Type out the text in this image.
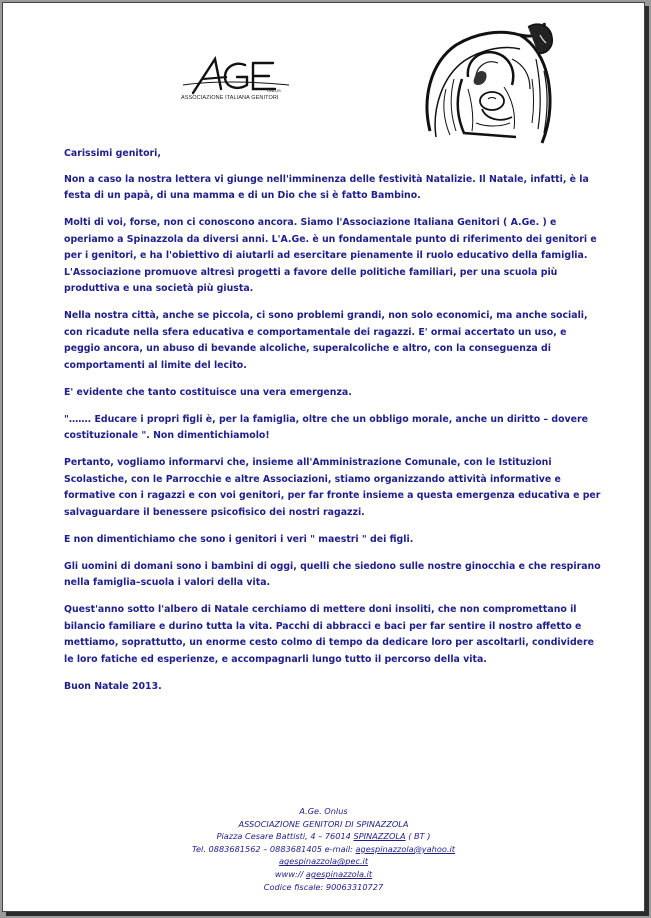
ONLUS
ASSOCIAZIONE ITALIANA GENITORI

Carissimi genitori,

Non a caso la nostra lettera vi giunge nell'imminenza delle festività Natalizie. Il Natale, infatti, è la festa di un papà, di una mamma e di un Dio che si è fatto Bambino.

Molti di voi, forse, non ci conoscono ancora. Siamo l'Associazione Italiana Genitori ( A.Ge. ) e operiamo a Spinazzola da diversi anni. L'A.Ge. è un fondamentale punto di riferimento dei genitori e per i genitori, e ha l'obiettivo di aiutarli ad esercitare pienamente il ruolo educativo della famiglia. L'Associazione promuove altresì progetti a favore delle politiche familiari, per una scuola più produttiva e una società più giusta.

Nella nostra città, anche se piccola, ci sono problemi grandi, non solo economici, ma anche sociali, con ricadute nella sfera educativa e comportamentale dei ragazzi. E' ormai accertato un uso, e peggio ancora, un abuso di bevande alcoliche, superalcoliche e altro, con la conseguenza di comportamenti al limite del lecito.

E' evidente che tanto costituisce una vera emergenza.

"……. Educare i propri figli è, per la famiglia, oltre che un obbligo morale, anche un diritto – dovere costituzionale ". Non dimentichiamolo!

Pertanto, vogliamo informarvi che, insieme all'Amministrazione Comunale, con le Istituzioni Scolastiche, con le Parrocchie e altre Associazioni, stiamo organizzando attività informative e formative con i ragazzi e con voi genitori, per far fronte insieme a questa emergenza educativa e per salvaguardare il benessere psicofisico dei nostri ragazzi.

E non dimentichiamo che sono i genitori i veri " maestri " dei figli.

Gli uomini di domani sono i bambini di oggi, quelli che siedono sulle nostre ginocchia e che respirano nella famiglia–scuola i valori della vita.

Quest'anno sotto l'albero di Natale cerchiamo di mettere doni insoliti, che non compromettano il bilancio familiare e durino tutta la vita. Pacchi di abbracci e baci per far sentire il nostro affetto e mettiamo, soprattutto, un enorme cesto colmo di tempo da dedicare loro per ascoltarli, condividere le loro fatiche ed esperienze, e accompagnarli lungo tutto il percorso della vita.

Buon Natale 2013.

A.Ge. Onlus
ASSOCIAZIONE GENITORI DI SPINAZZOLA
Piazza Cesare Battisti, 4 – 76014 SPINAZZOLA ( BT )
Tel. 0883681562 – 0883681405 e-mail: agespinazzola@yahoo.it
agespinazzola@pec.it
www:// agespinazzola.it
Codice fiscale: 90063310727
